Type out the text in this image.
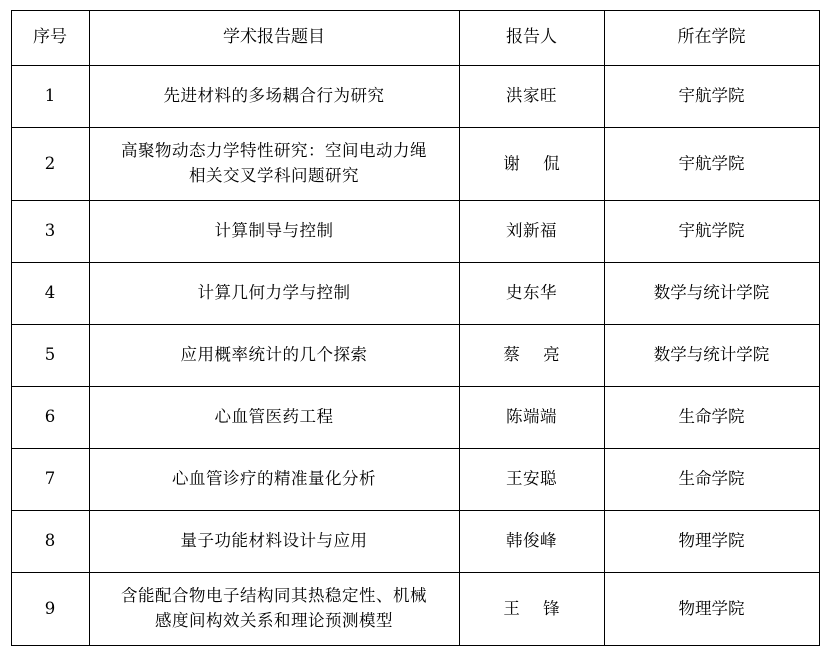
序号	学术报告题目	报告人	所在学院
1	先进材料的多场耦合行为研究	洪家旺	宇航学院
2	高聚物动态力学特性研究：空间电动力绳
相关交叉学科问题研究	谢 侃	宇航学院
3	计算制导与控制	刘新福	宇航学院
4	计算几何力学与控制	史东华	数学与统计学院
5	应用概率统计的几个探索	蔡 亮	数学与统计学院
6	心血管医药工程	陈端端	生命学院
7	心血管诊疗的精准量化分析	王安聪	生命学院
8	量子功能材料设计与应用	韩俊峰	物理学院
9	含能配合物电子结构同其热稳定性、机械
感度间构效关系和理论预测模型	王 锋	物理学院
